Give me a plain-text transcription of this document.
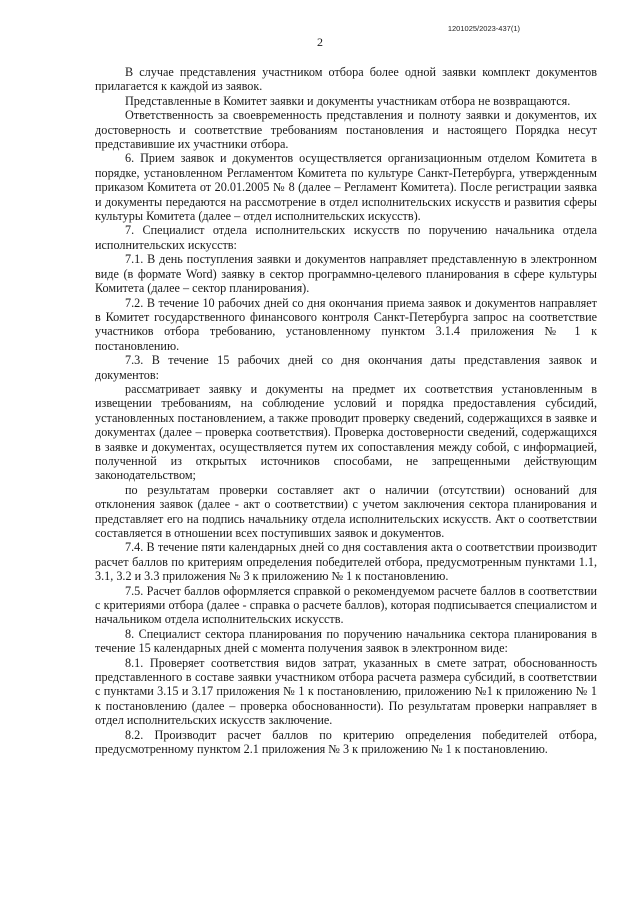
1201025/2023-437(1)
2

В случае представления участником отбора более одной заявки комплект документов прилагается к каждой из заявок.

Представленные в Комитет заявки и документы участникам отбора не возвращаются.

Ответственность за своевременность представления и полноту заявки и документов, их достоверность и соответствие требованиям постановления и настоящего Порядка несут представившие их участники отбора.

6. Прием заявок и документов осуществляется организационным отделом Комитета в порядке, установленном Регламентом Комитета по культуре Санкт-Петербурга, утвержденным приказом Комитета от 20.01.2005 № 8 (далее – Регламент Комитета). После регистрации заявка и документы передаются на рассмотрение в отдел исполнительских искусств и развития сферы культуры Комитета (далее – отдел исполнительских искусств).

7. Специалист отдела исполнительских искусств по поручению начальника отдела исполнительских искусств:

7.1. В день поступления заявки и документов направляет представленную в электронном виде (в формате Word) заявку в сектор программно-целевого планирования в сфере культуры Комитета (далее – сектор планирования).

7.2. В течение 10 рабочих дней со дня окончания приема заявок и документов направляет в Комитет государственного финансового контроля Санкт-Петербурга запрос на соответствие участников отбора требованию, установленному пунктом 3.1.4 приложения № 1 к постановлению.

7.3. В течение 15 рабочих дней со дня окончания даты представления заявок и документов:

рассматривает заявку и документы на предмет их соответствия установленным в извещении требованиям, на соблюдение условий и порядка предоставления субсидий, установленных постановлением, а также проводит проверку сведений, содержащихся в заявке и документах (далее – проверка соответствия). Проверка достоверности сведений, содержащихся в заявке и документах, осуществляется путем их сопоставления между собой, с информацией, полученной из открытых источников способами, не запрещенными действующим законодательством;

по результатам проверки составляет акт о наличии (отсутствии) оснований для отклонения заявок (далее - акт о соответствии) с учетом заключения сектора планирования и представляет его на подпись начальнику отдела исполнительских искусств. Акт о соответствии составляется в отношении всех поступивших заявок и документов.

7.4. В течение пяти календарных дней со дня составления акта о соответствии производит расчет баллов по критериям определения победителей отбора, предусмотренным пунктами 1.1, 3.1, 3.2 и 3.3 приложения № 3 к приложению № 1 к постановлению.

7.5. Расчет баллов оформляется справкой о рекомендуемом расчете баллов в соответствии с критериями отбора (далее - справка о расчете баллов), которая подписывается специалистом и начальником отдела исполнительских искусств.

8. Специалист сектора планирования по поручению начальника сектора планирования в течение 15 календарных дней с момента получения заявок в электронном виде:

8.1. Проверяет соответствия видов затрат, указанных в смете затрат, обоснованность представленного в составе заявки участником отбора расчета размера субсидий, в соответствии с пунктами 3.15 и 3.17 приложения № 1 к постановлению, приложению №1 к приложению № 1 к постановлению (далее – проверка обоснованности). По результатам проверки направляет в отдел исполнительских искусств заключение.

8.2. Производит расчет баллов по критерию определения победителей отбора, предусмотренному пунктом 2.1 приложения № 3 к приложению № 1 к постановлению.
